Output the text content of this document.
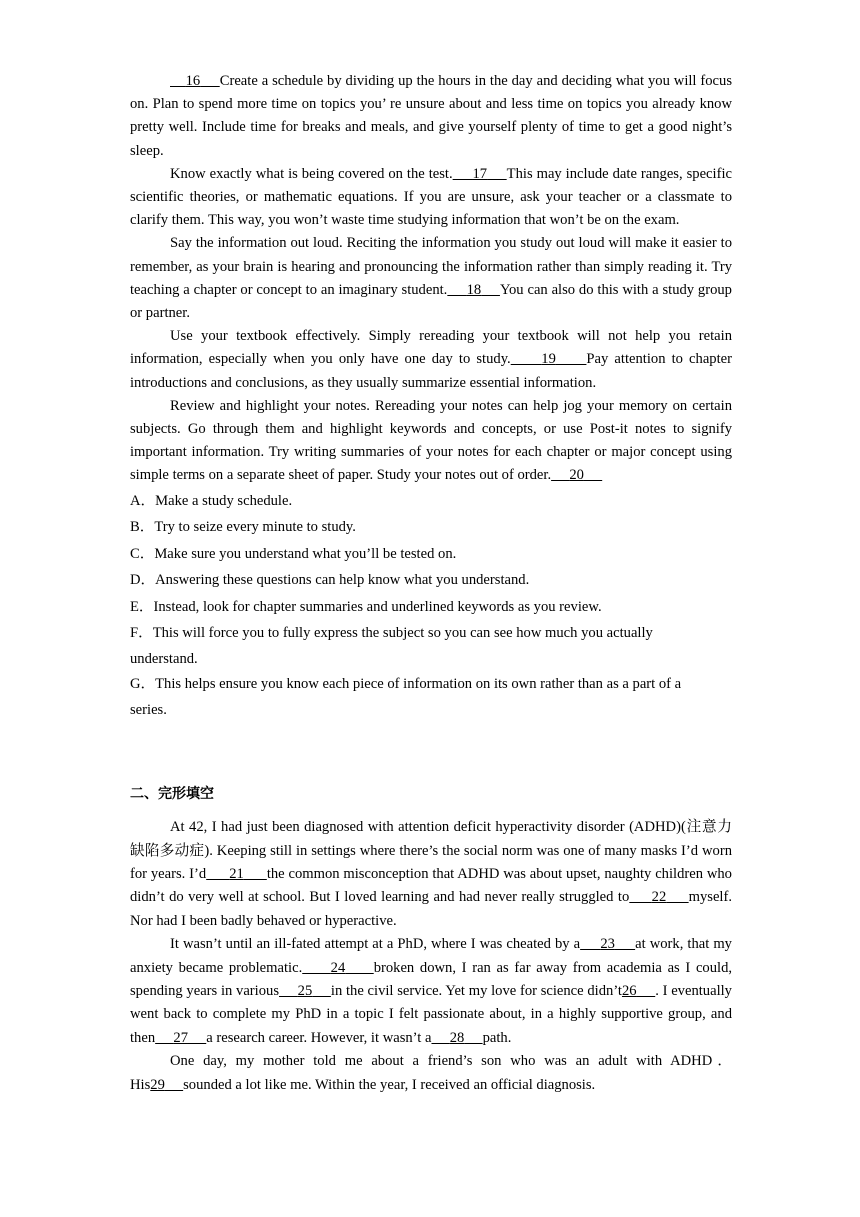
16 Create a schedule by dividing up the hours in the day and deciding what you will focus on. Plan to spend more time on topics you’ re unsure about and less time on topics you already know pretty well. Include time for breaks and meals, and give yourself plenty of time to get a good night’s sleep.

Know exactly what is being covered on the test. 17 This may include date ranges, specific scientific theories, or mathematic equations. If you are unsure, ask your teacher or a classmate to clarify them. This way, you won’t waste time studying information that won’t be on the exam.

Say the information out loud. Reciting the information you study out loud will make it easier to remember, as your brain is hearing and pronouncing the information rather than simply reading it. Try teaching a chapter or concept to an imaginary student. 18 You can also do this with a study group or partner.

Use your textbook effectively. Simply rereading your textbook will not help you retain information, especially when you only have one day to study. 19 Pay attention to chapter introductions and conclusions, as they usually summarize essential information.

Review and highlight your notes. Rereading your notes can help jog your memory on certain subjects. Go through them and highlight keywords and concepts, or use Post-it notes to signify important information. Try writing summaries of your notes for each chapter or major concept using simple terms on a separate sheet of paper. Study your notes out of order. 20

A．Make a study schedule.

B．Try to seize every minute to study.

C．Make sure you understand what you’ll be tested on.

D．Answering these questions can help know what you understand.

E．Instead, look for chapter summaries and underlined keywords as you review.

F．This will force you to fully express the subject so you can see how much you actually understand.

G．This helps ensure you know each piece of information on its own rather than as a part of a series.

二、完形填空

At 42, I had just been diagnosed with attention deficit hyperactivity disorder (ADHD)(注意力缺陷多动症). Keeping still in settings where there’s the social norm was one of many masks I’d worn for years. I’d 21 the common misconception that ADHD was about upset, naughty children who didn’t do very well at school. But I loved learning and had never really struggled to 22 myself. Nor had I been badly behaved or hyperactive.

It wasn’t until an ill-fated attempt at a PhD, where I was cheated by a 23 at work, that my anxiety became problematic. 24 broken down, I ran as far away from academia as I could, spending years in various 25 in the civil service. Yet my love for science didn’t26 . I eventually went back to complete my PhD in a topic I felt passionate about, in a highly supportive group, and then 27 a research career. However, it wasn’t a 28 path.

One day, my mother told me about a friend’s son who was an adult with ADHD．His29 sounded a lot like me. Within the year, I received an official diagnosis.
